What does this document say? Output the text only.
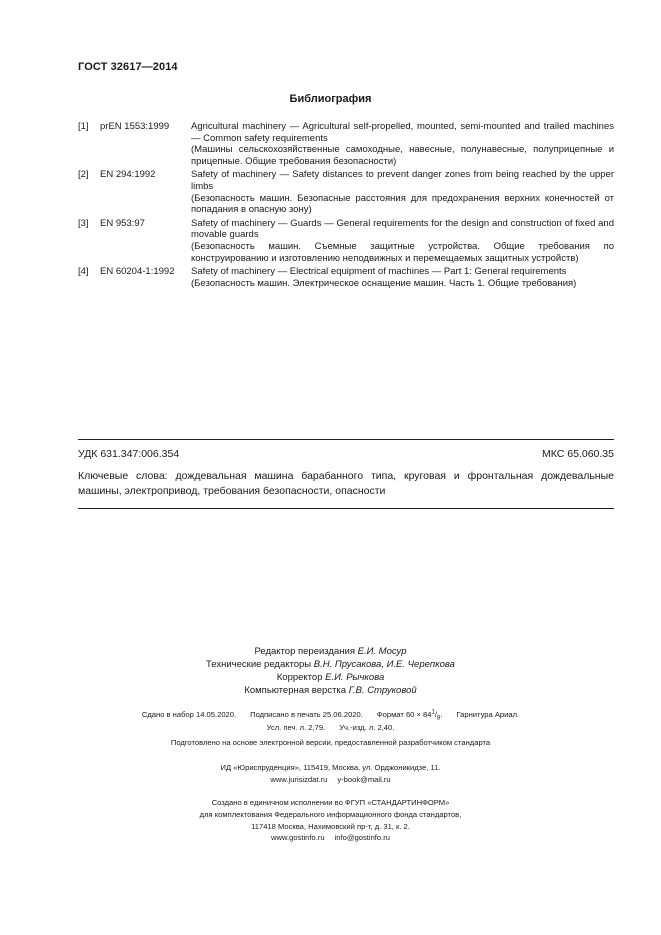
ГОСТ 32617—2014
Библиография
[1] prEN 1553:1999 Agricultural machinery — Agricultural self-propelled, mounted, semi-mounted and trailed machines — Common safety requirements
(Машины сельскохозяйственные самоходные, навесные, полунавесные, полуприцепные и прицепные. Общие требования безопасности)
[2] EN 294:1992	Safety of machinery — Safety distances to prevent danger zones from being reached by the upper limbs
(Безопасность машин. Безопасные расстояния для предохранения верхних конечностей от попадания в опасную зону)
[3] EN 953:97	Safety of machinery — Guards — General requirements for the design and construction of fixed and movable guards
(Безопасность машин. Съемные защитные устройства. Общие требования по конструированию и изготовлению неподвижных и перемещаемых защитных устройств)
[4] EN 60204-1:1992 Safety of machinery — Electrical equipment of machines — Part 1: General requirements
(Безопасность машин. Электрическое оснащение машин. Часть 1. Общие требования)
УДК 631.347:006.354	МКС 65.060.35
Ключевые слова: дождевальная машина барабанного типа, круговая и фронтальная дождевальные машины, электропривод, требования безопасности, опасности
Редактор переиздания Е.И. Мосур
Технические редакторы В.Н. Прусакова, И.Е. Черепкова
Корректор Е.И. Рычкова
Компьютерная верстка Г.В. Струковой
Сдано в набор 14.05.2020. Подписано в печать 25.06.2020. Формат $60 \times 84^1/_8$. Гарнитура Ариал.
Усл. печ. л. 2,79. Уч.-изд. л. 2,40.
Подготовлено на основе электронной версии, предоставленной разработчиком стандарта
ИД «Юриспруденция», 115419, Москва, ул. Орджоникидзе, 11.
www.jurisizdat.ru y-book@mail.ru
Создано в единичном исполнении во ФГУП «СТАНДАРТИНФОРМ»
для комплектования Федерального информационного фонда стандартов,
117418 Москва, Нахимовский пр-т, д. 31, к. 2.
www.gostinfo.ru info@gostinfo.ru
